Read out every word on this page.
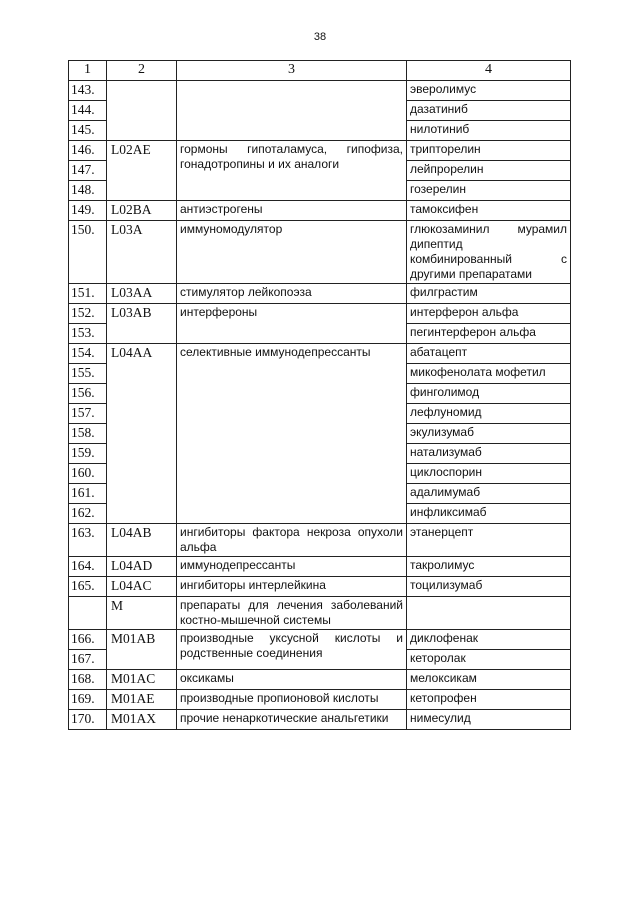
38
1	2	3	4
143.			эверолимус
144.			дазатиниб
145.			нилотиниб
146.	L02AE	гормоны гипоталамуса, гипофиза, гонадотропины и их аналоги	трипторелин
147.			лейпрорелин
148.			гозерелин
149.	L02BA	антиэстрогены	тамоксифен
150.	L03A	иммуномодулятор	глюкозаминил мурамил дипептид комбинированный с другими препаратами
151.	L03AA	стимулятор лейкопоэза	филграстим
152.	L03AB	интерфероны	интерферон альфа
153.			пегинтерферон альфа
154.	L04AA	селективные иммунодепрессанты	абатацепт
155.			микофенолата мофетил
156.			финголимод
157.			лефлуномид
158.			экулизумаб
159.			натализумаб
160.			циклоспорин
161.			адалимумаб
162.			инфликсимаб
163.	L04AB	ингибиторы фактора некроза опухоли альфа	этанерцепт
164.	L04AD	иммунодепрессанты	такролимус
165.	L04AC	ингибиторы интерлейкина	тоцилизумаб
	M	препараты для лечения заболеваний костно-мышечной системы	
166.	M01AB	производные уксусной кислоты и родственные соединения	диклофенак
167.			кеторолак
168.	M01AC	оксикамы	мелоксикам
169.	M01AE	производные пропионовой кислоты	кетопрофен
170.	M01AX	прочие ненаркотические анальгетики	нимесулид
